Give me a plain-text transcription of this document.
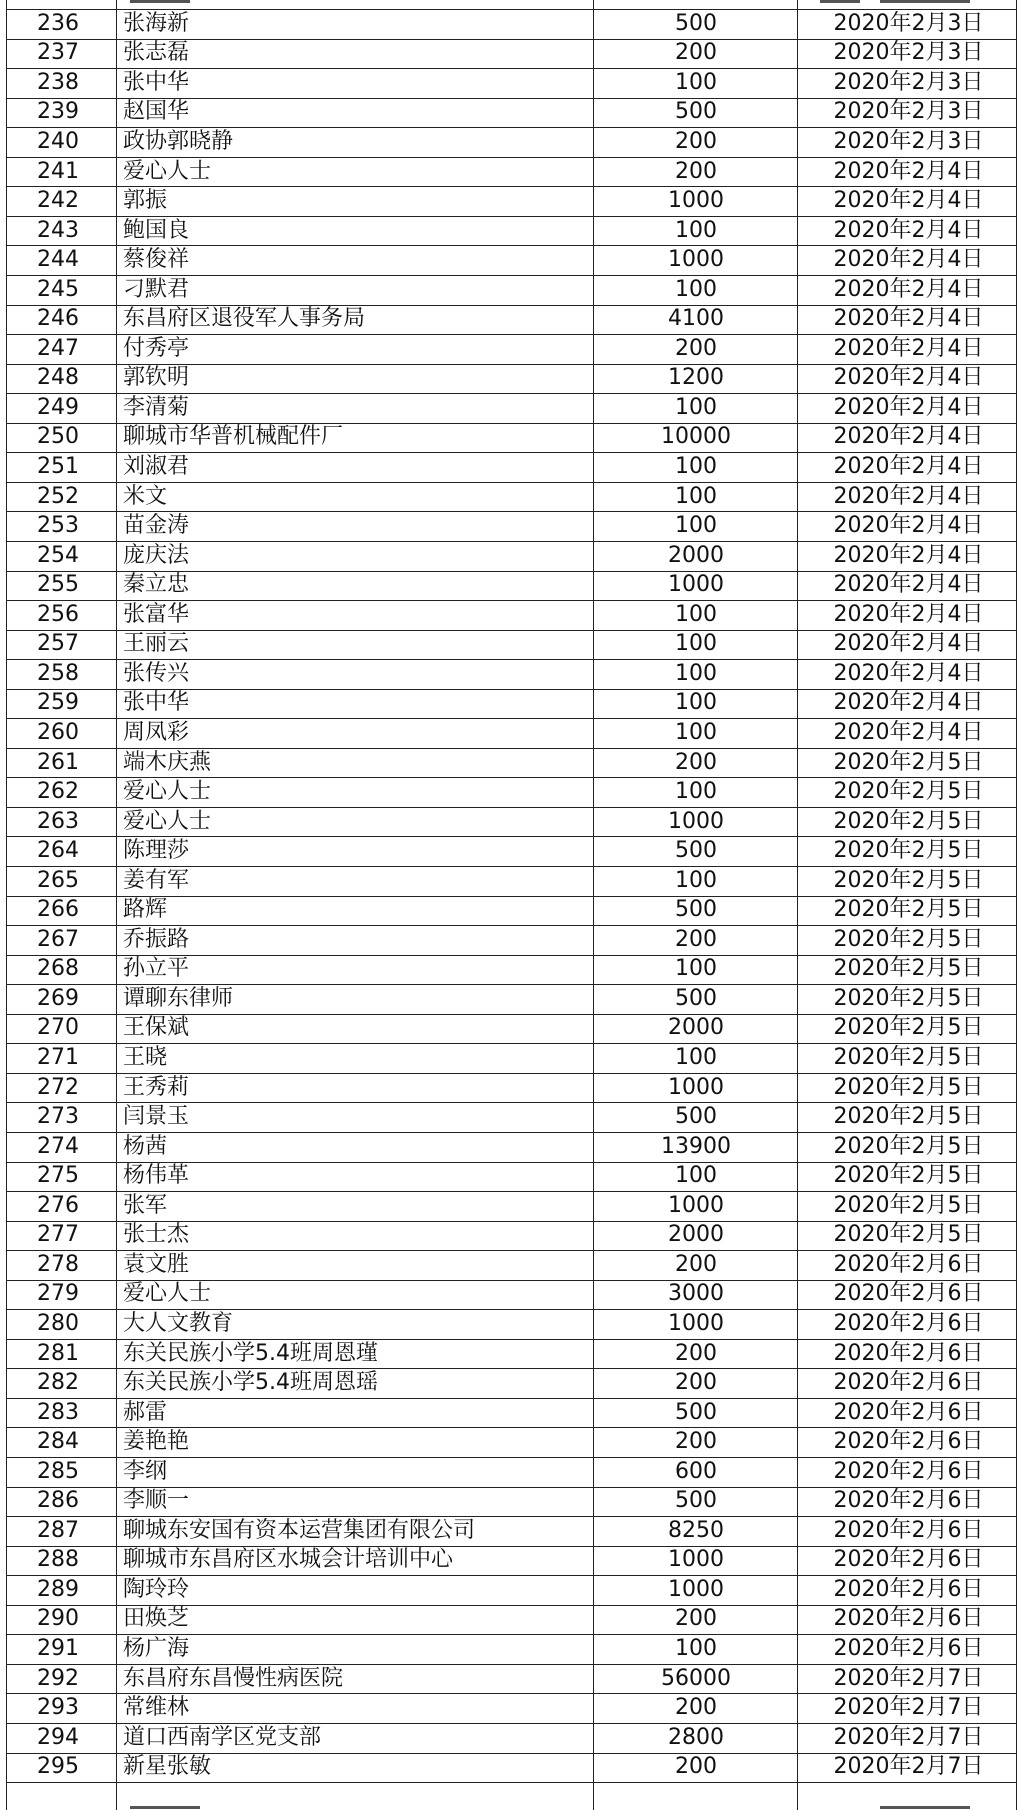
236	张海新	500	2020年2月3日
237	张志磊	200	2020年2月3日
238	张中华	100	2020年2月3日
239	赵国华	500	2020年2月3日
240	政协郭晓静	200	2020年2月3日
241	爱心人士	200	2020年2月4日
242	郭振	1000	2020年2月4日
243	鲍国良	100	2020年2月4日
244	蔡俊祥	1000	2020年2月4日
245	刁默君	100	2020年2月4日
246	东昌府区退役军人事务局	4100	2020年2月4日
247	付秀亭	200	2020年2月4日
248	郭钦明	1200	2020年2月4日
249	李清菊	100	2020年2月4日
250	聊城市华普机械配件厂	10000	2020年2月4日
251	刘淑君	100	2020年2月4日
252	米文	100	2020年2月4日
253	苗金涛	100	2020年2月4日
254	庞庆法	2000	2020年2月4日
255	秦立忠	1000	2020年2月4日
256	张富华	100	2020年2月4日
257	王丽云	100	2020年2月4日
258	张传兴	100	2020年2月4日
259	张中华	100	2020年2月4日
260	周凤彩	100	2020年2月4日
261	端木庆燕	200	2020年2月5日
262	爱心人士	100	2020年2月5日
263	爱心人士	1000	2020年2月5日
264	陈理莎	500	2020年2月5日
265	姜有军	100	2020年2月5日
266	路辉	500	2020年2月5日
267	乔振路	200	2020年2月5日
268	孙立平	100	2020年2月5日
269	谭聊东律师	500	2020年2月5日
270	王保斌	2000	2020年2月5日
271	王晓	100	2020年2月5日
272	王秀莉	1000	2020年2月5日
273	闫景玉	500	2020年2月5日
274	杨茜	13900	2020年2月5日
275	杨伟革	100	2020年2月5日
276	张军	1000	2020年2月5日
277	张士杰	2000	2020年2月5日
278	袁文胜	200	2020年2月6日
279	爱心人士	3000	2020年2月6日
280	大人文教育	1000	2020年2月6日
281	东关民族小学5.4班周恩瑾	200	2020年2月6日
282	东关民族小学5.4班周恩瑶	200	2020年2月6日
283	郝雷	500	2020年2月6日
284	姜艳艳	200	2020年2月6日
285	李纲	600	2020年2月6日
286	李顺一	500	2020年2月6日
287	聊城东安国有资本运营集团有限公司	8250	2020年2月6日
288	聊城市东昌府区水城会计培训中心	1000	2020年2月6日
289	陶玲玲	1000	2020年2月6日
290	田焕芝	200	2020年2月6日
291	杨广海	100	2020年2月6日
292	东昌府东昌慢性病医院	56000	2020年2月7日
293	常维林	200	2020年2月7日
294	道口西南学区党支部	2800	2020年2月7日
295	新星张敏	200	2020年2月7日
